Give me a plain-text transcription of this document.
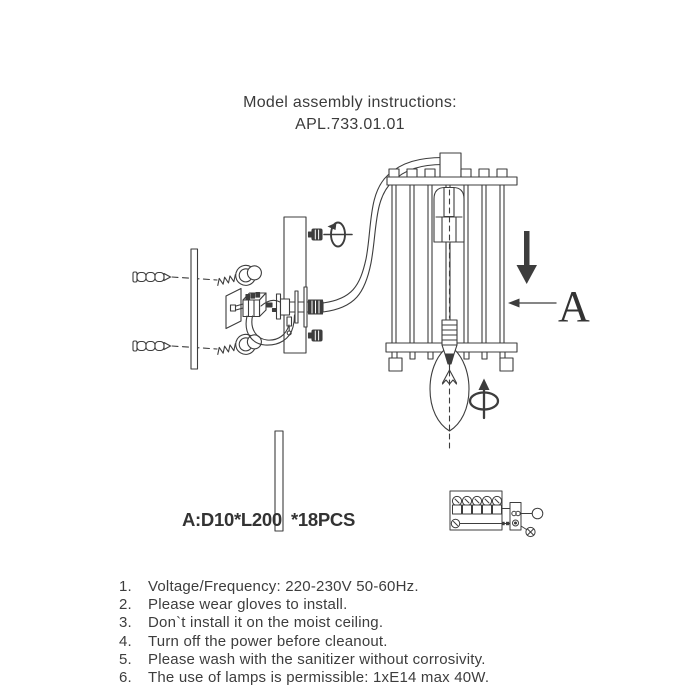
Model assembly instructions:
APL.733.01.01
A
A:D10*L200 *18PCS
1.	Voltage/Frequency: 220-230V 50-60Hz.
2.	Please wear gloves to install.
3.	Don`t install it on the moist ceiling.
4.	Turn off the power before cleanout.
5.	Please wash with the sanitizer without corrosivity.
6.	The use of lamps is permissible: 1xE14 max 40W.
